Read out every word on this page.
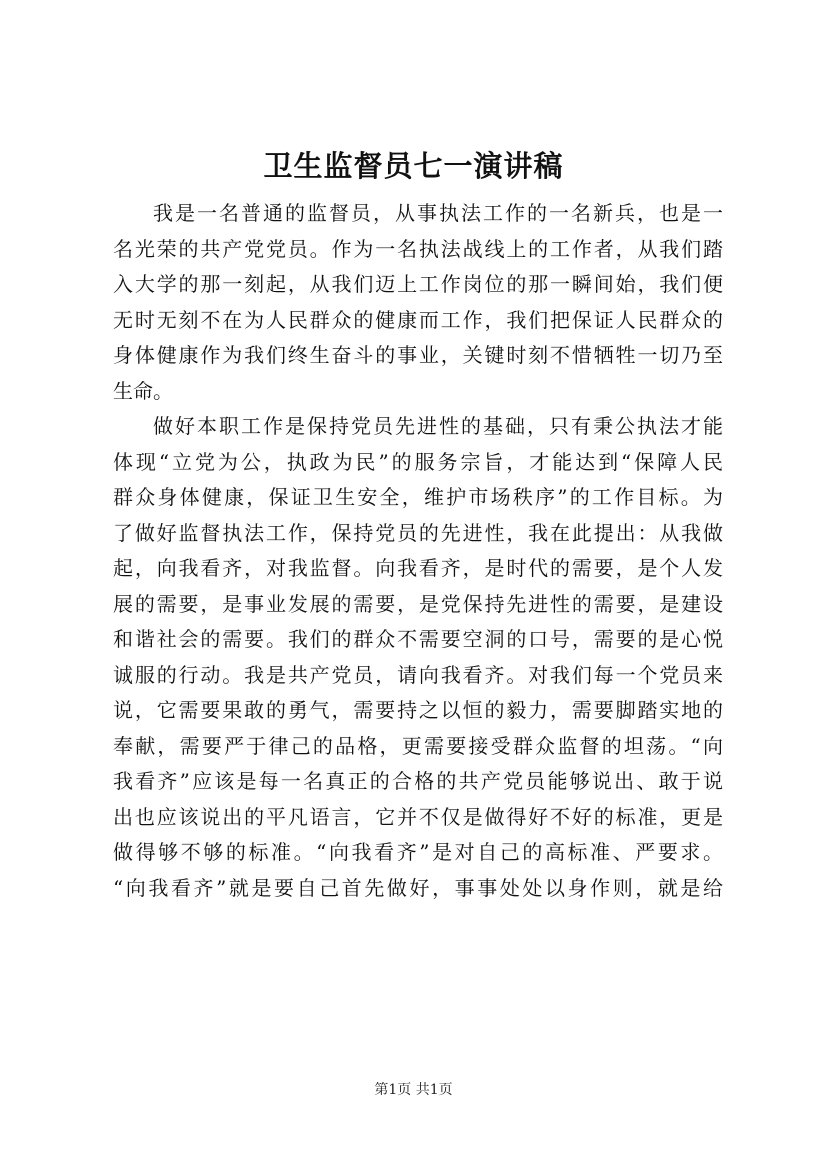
卫生监督员七一演讲稿
我是一名普通的监督员，从事执法工作的一名新兵，也是一
名光荣的共产党党员。作为一名执法战线上的工作者，从我们踏
入大学的那一刻起，从我们迈上工作岗位的那一瞬间始，我们便
无时无刻不在为人民群众的健康而工作，我们把保证人民群众的
身体健康作为我们终生奋斗的事业，关键时刻不惜牺牲一切乃至
生命。
做好本职工作是保持党员先进性的基础，只有秉公执法才能
体现“立党为公，执政为民”的服务宗旨，才能达到“保障人民
群众身体健康，保证卫生安全，维护市场秩序”的工作目标。为
了做好监督执法工作，保持党员的先进性，我在此提出：从我做
起，向我看齐，对我监督。向我看齐，是时代的需要，是个人发
展的需要，是事业发展的需要，是党保持先进性的需要，是建设
和谐社会的需要。我们的群众不需要空洞的口号，需要的是心悦
诚服的行动。我是共产党员，请向我看齐。对我们每一个党员来
说，它需要果敢的勇气，需要持之以恒的毅力，需要脚踏实地的
奉献，需要严于律己的品格，更需要接受群众监督的坦荡。“向
我看齐”应该是每一名真正的合格的共产党员能够说出、敢于说
出也应该说出的平凡语言，它并不仅是做得好不好的标准，更是
做得够不够的标准。“向我看齐”是对自己的高标准、严要求。
“向我看齐”就是要自己首先做好，事事处处以身作则，就是给
第1页 共1页
